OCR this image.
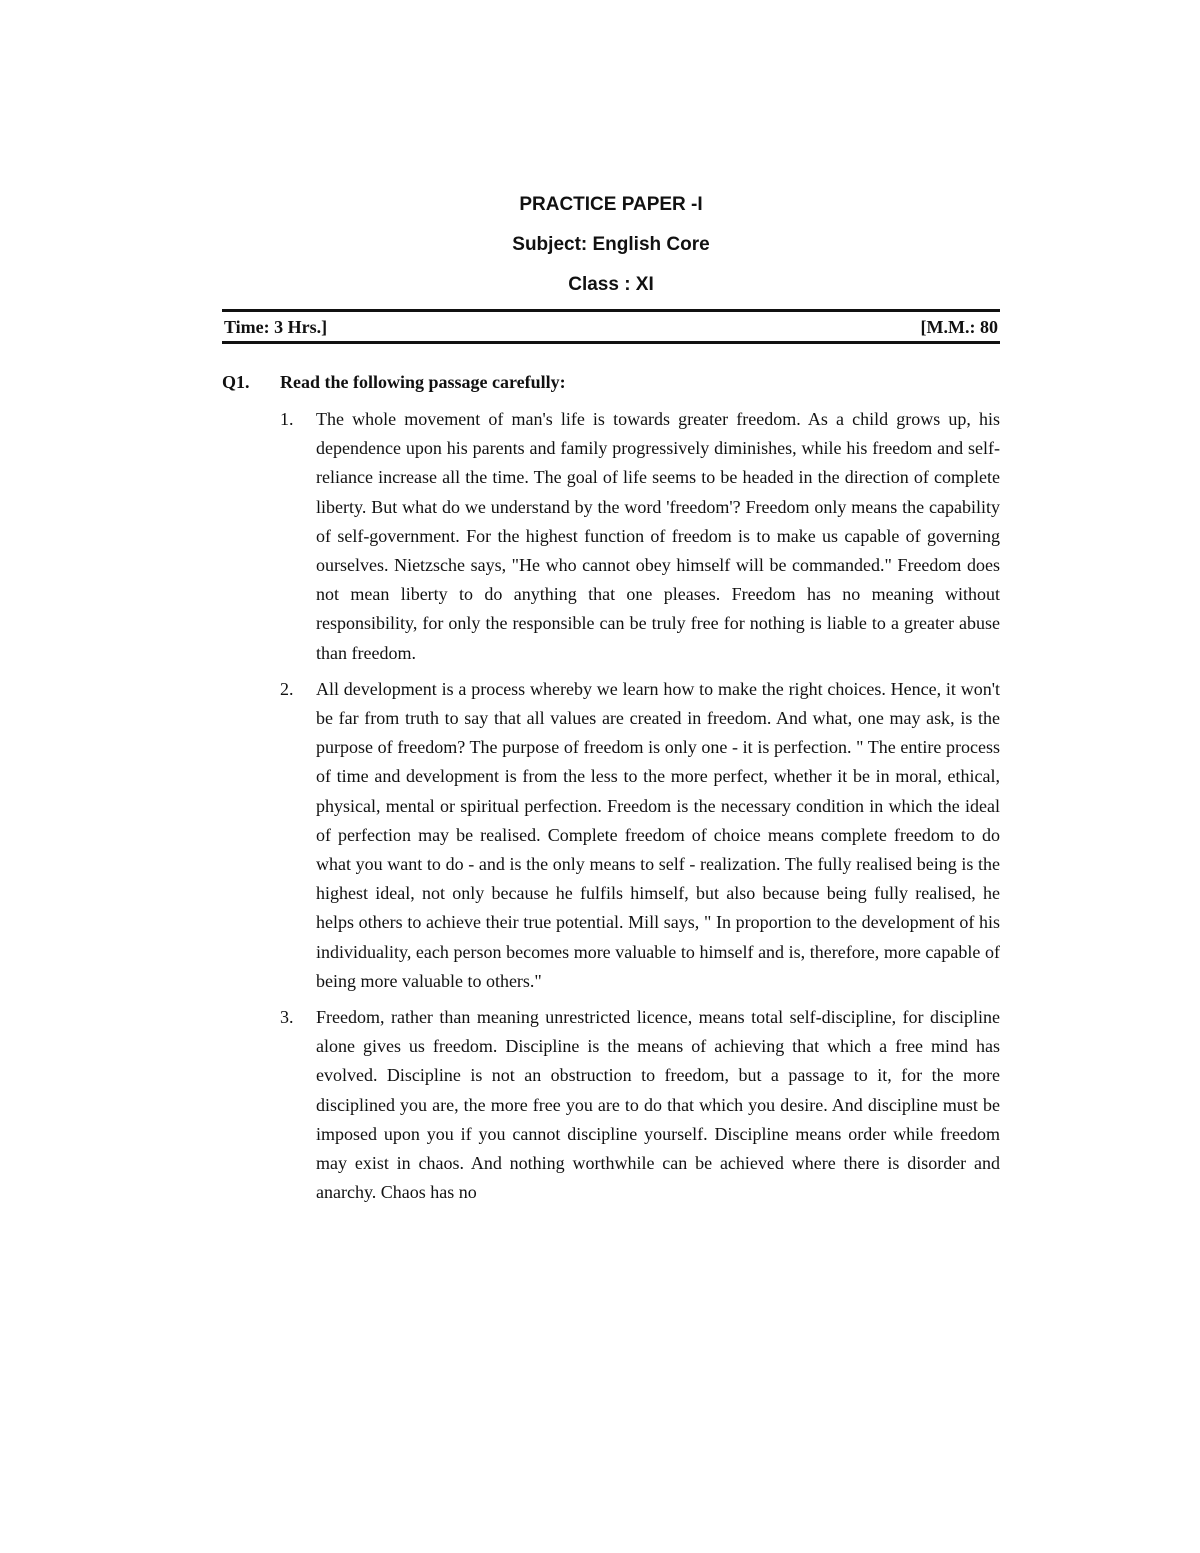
PRACTICE PAPER -I

Subject: English Core

Class : XI

Time: 3 Hrs.]	[M.M.: 80
Q1.	Read the following passage carefully:
1.	The whole movement of man's life is towards greater freedom. As a child grows up, his dependence upon his parents and family progressively diminishes, while his freedom and self-reliance increase all the time. The goal of life seems to be headed in the direction of complete liberty. But what do we understand by the word 'freedom'? Freedom only means the capability of self-government. For the highest function of freedom is to make us capable of governing ourselves. Nietzsche says, "He who cannot obey himself will be commanded." Freedom does not mean liberty to do anything that one pleases. Freedom has no meaning without responsibility, for only the responsible can be truly free for nothing is liable to a greater abuse than freedom.

2.	All development is a process whereby we learn how to make the right choices. Hence, it won't be far from truth to say that all values are created in freedom. And what, one may ask, is the purpose of freedom? The purpose of freedom is only one - it is perfection. " The entire process of time and development is from the less to the more perfect, whether it be in moral, ethical, physical, mental or spiritual perfection. Freedom is the necessary condition in which the ideal of perfection may be realised. Complete freedom of choice means complete freedom to do what you want to do - and is the only means to self - realization. The fully realised being is the highest ideal, not only because he fulfils himself, but also because being fully realised, he helps others to achieve their true potential. Mill says, " In proportion to the development of his individuality, each person becomes more valuable to himself and is, therefore, more capable of being more valuable to others."

3.	Freedom, rather than meaning unrestricted licence, means total self-discipline, for discipline alone gives us freedom. Discipline is the means of achieving that which a free mind has evolved. Discipline is not an obstruction to freedom, but a passage to it, for the more disciplined you are, the more free you are to do that which you desire. And discipline must be imposed upon you if you cannot discipline yourself. Discipline means order while freedom may exist in chaos. And nothing worthwhile can be achieved where there is disorder and anarchy. Chaos has no
